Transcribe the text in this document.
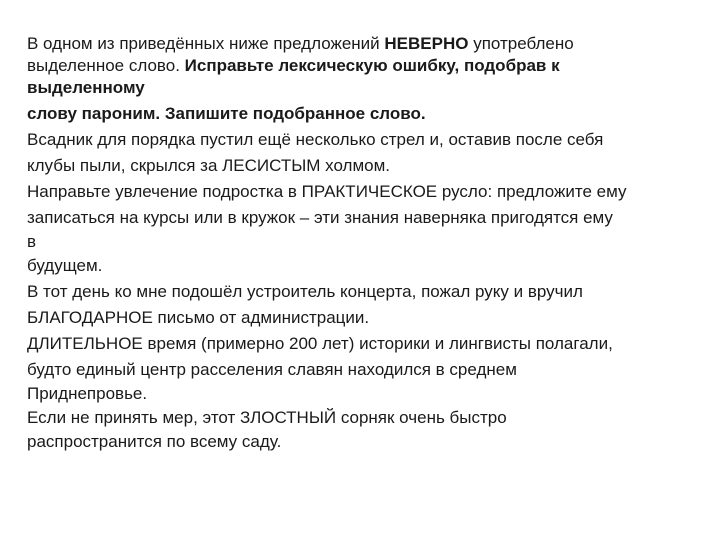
В одном из приведённых ниже предложений НЕВЕРНО употреблено
выделенное слово. Исправьте лексическую ошибку, подобрав к
выделенному
слову пароним. Запишите подобранное слово.
Всадник для порядка пустил ещё несколько стрел и, оставив после себя
клубы пыли, скрылся за ЛЕСИСТЫМ холмом.
Направьте увлечение подростка в ПРАКТИЧЕСКОЕ русло: предложите ему
записаться на курсы или в кружок – эти знания наверняка пригодятся ему
в
будущем.
В тот день ко мне подошёл устроитель концерта, пожал руку и вручил
БЛАГОДАРНОЕ письмо от администрации.
ДЛИТЕЛЬНОЕ время (примерно 200 лет) историки и лингвисты полагали,
будто единый центр расселения славян находился в среднем
Приднепровье.
Если не принять мер, этот ЗЛОСТНЫЙ сорняк очень быстро
распространится по всему саду.
